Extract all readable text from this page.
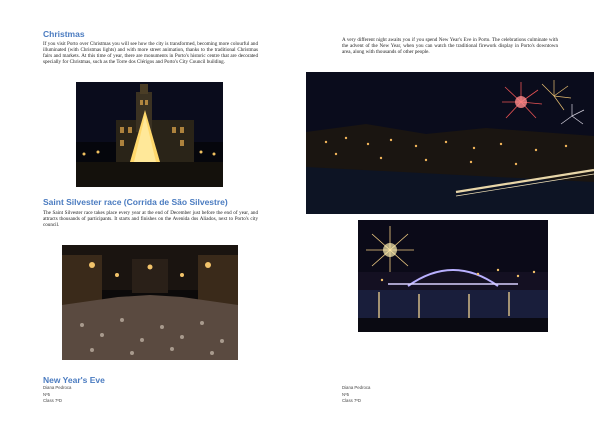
Christmas
If you visit Porto over Christmas you will see how the city is transformed, becoming more colourful and illuminated (with Christmas lights) and with more street animation, thanks to the traditional Christmas fairs and markets. At this time of year, there are monuments in Porto's historic centre that are decorated specially for Christmas, such as the Torre dos Clérigos and Porto's City Council building.
Saint Silvester race (Corrida de São Silvestre)
The Saint Silvester race takes place every year at the end of December just before the end of year, and attracts thousands of participants. It starts and finishes on the Avenida dos Aliados, next to Porto's city council.
New Year's Eve
Diana Pedroca
Nº5
Class 7ºD
A very different night awaits you if you spend New Year's Eve in Porto. The celebrations culminate with the advent of the New Year, when you can watch the traditional firework display in Porto's downtown area, along with thousands of other people.
Diana Pedroca
Nº5
Class 7ºD
